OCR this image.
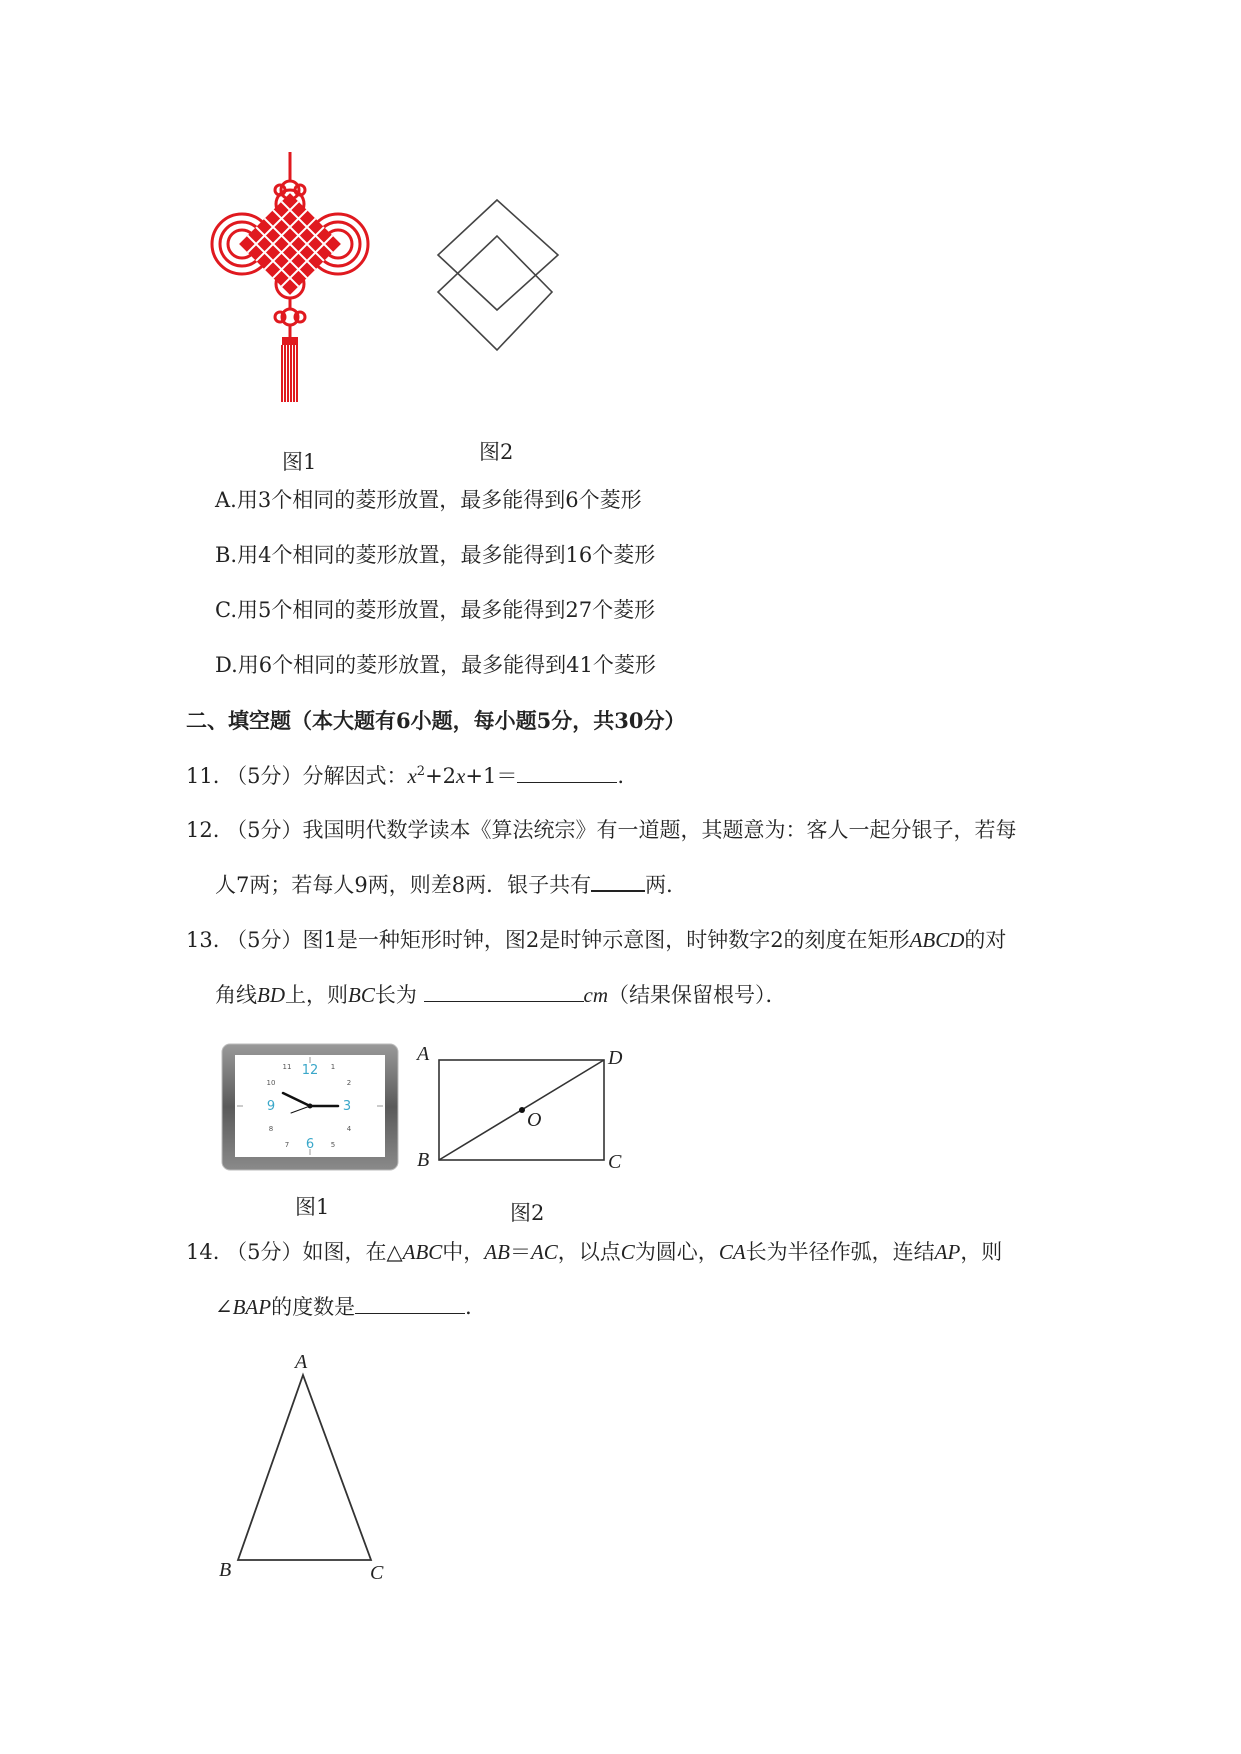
图1	图2
A.用3个相同的菱形放置，最多能得到6个菱形
B.用4个相同的菱形放置，最多能得到16个菱形
C.用5个相同的菱形放置，最多能得到27个菱形
D.用6个相同的菱形放置，最多能得到41个菱形
二、填空题（本大题有6小题，每小题5分，共30分）
11. （5分）分解因式：$x^2+2x+1=$	.
12. （5分）我国明代数学读本《算法统宗》有一道题，其题意为：客人一起分银子，若每
人7两；若每人9两，则差8两．银子共有	两．
13. （5分）图1是一种矩形时钟，图2是时钟示意图，时钟数字2的刻度在矩形ABCD的对
角线BD上，则BC长为	cm（结果保留根号）．
1
2
4
5
7
8
10
11 12
3
6
9
图1
A	D
B	C
O
图2
14. （5分）如图，在△ABC中，AB＝AC，以点C为圆心，CA长为半径作弧，连结AP，则
∠BAP的度数是	．
A
B	C
